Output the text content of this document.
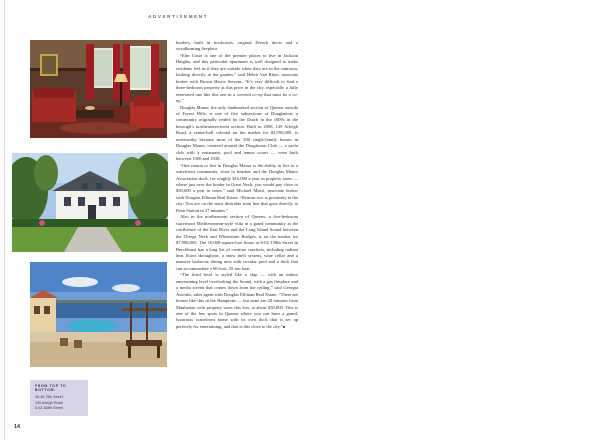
ADVERTISEMENT
FROM TOP TO BOTTOM:
35-46 79th Street
139 Arleigh Road
6-02 158th Street
14

borders, built in bookcases, original French doors and a woodburning fireplace.

“Elm Court is one of the premier places to live in Jackson Heights, and this particular apartment is well designed to make residents feel as if they are outside when they are in the sunroom, looking directly at the garden,” said Helen Van Rhyn, associate broker with Brown Harris Stevens. “It’s very difficult to find a three-bedroom property at this price in the city, especially a fully renovated one like this one in a coveted co-op that must be a co-op.”

Douglas Manor, the only landmarked section of Queens outside of Forest Hills, is one of five subsections of Douglaston, a community originally settled by the Dutch in the 1600s in the borough’s northeastern-most section. Built in 2008, 139 Arleigh Road, a center-hall colonial on the market for $2,950,000, is noteworthy because most of the 300 single-family homes in Douglas Manor, centered around the Douglaston Club — a yacht club with a restaurant, pool and tennis courts — were built between 1900 and 1930.

“One reason to live in Douglas Manor is the ability to live in a waterfront community, close to beaches and the Douglas Manor Association dock, for roughly $16,000 a year in property taxes — where just over the border in Great Neck, you would pay close to $50,000 a year in taxes,” said Michael Mistri, associate broker with Douglas Elliman Real Estate. “Reason two is proximity to the city: You are on the most desirable train line that goes directly to Penn Station in 27 minutes.”

Also in the northeastern section of Queens, a five-bedroom waterfront Mediterranean-style villa in a gated community at the confluence of the East River and the Long Island Sound between the Throgs Neck and Whitestone Bridges, is on the market for $7,988,000. The 10,000-square-foot home at 6-02 158th Street in Beechhurst has a long list of creature comforts, including radiant heat floors throughout, a snow melt system, wine cellar and a massive barbecue dining area with circular pool and a dock that can accommodate a 60-foot, 35-ton boat.

“The third level is styled like a ship — with an indoor entertaining level overlooking the Sound, with a gas fireplace and a media screen that comes down from the ceiling,” said Georgia Asonitis, sales agent with Douglas Elliman Real Estate. “There are homes like this in the Hamptons — but none are 20 minutes from Manhattan with property taxes this low, at about $30,000. This is one of the few spots in Queens where you can have a grand, luxurious waterfront home with its own dock that is set up perfectly for entertaining, and that is this close to the city.”■
